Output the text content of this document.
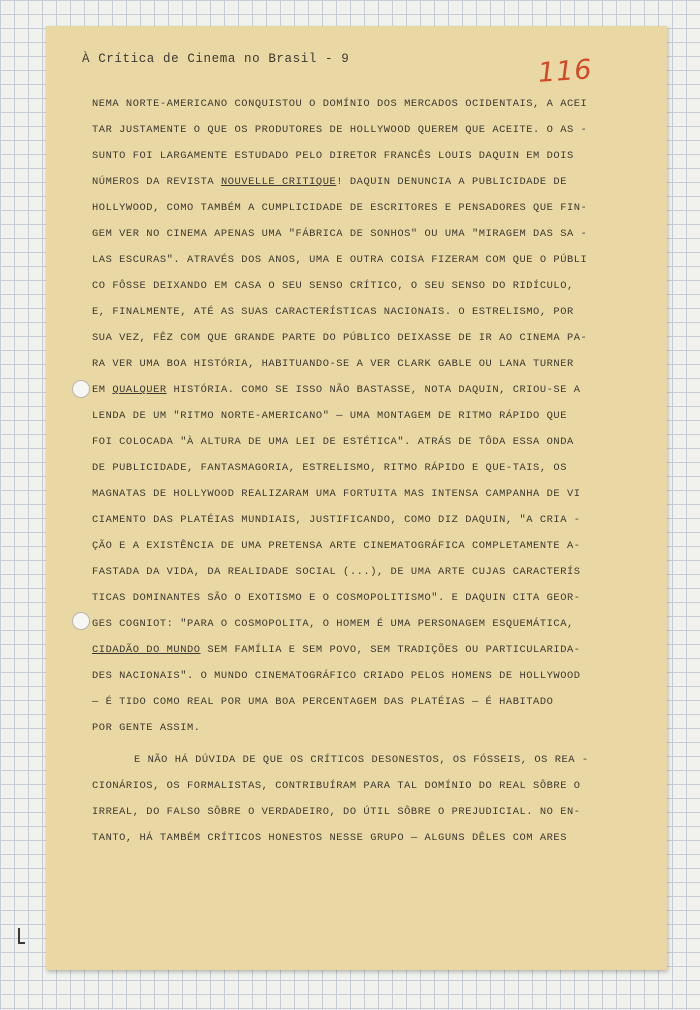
À Crítica de Cinema no Brasil - 9	116
NEMA NORTE-AMERICANO CONQUISTOU O DOMÍNIO DOS MERCADOS OCIDENTAIS, A ACEI
TAR JUSTAMENTE O QUE OS PRODUTORES DE HOLLYWOOD QUEREM QUE ACEITE. O AS -
SUNTO FOI LARGAMENTE ESTUDADO PELO DIRETOR FRANCÊS LOUIS DAQUIN EM DOIS
NÚMEROS DA REVISTA NOUVELLE CRITIQUE! DAQUIN DENUNCIA A PUBLICIDADE DE
HOLLYWOOD, COMO TAMBÉM A CUMPLICIDADE DE ESCRITORES E PENSADORES QUE FIN-
GEM VER NO CINEMA APENAS UMA "FÁBRICA DE SONHOS" OU UMA "MIRAGEM DAS SA -
LAS ESCURAS". ATRAVÉS DOS ANOS, UMA E OUTRA COISA FIZERAM COM QUE O PÚBLI
CO FÔSSE DEIXANDO EM CASA O SEU SENSO CRÍTICO, O SEU SENSO DO RIDÍCULO,
E, FINALMENTE, ATÉ AS SUAS CARACTERÍSTICAS NACIONAIS. O ESTRELISMO, POR
SUA VEZ, FÊZ COM QUE GRANDE PARTE DO PÚBLICO DEIXASSE DE IR AO CINEMA PA-
RA VER UMA BOA HISTÓRIA, HABITUANDO-SE A VER CLARK GABLE OU LANA TURNER
EM QUALQUER HISTÓRIA. COMO SE ISSO NÃO BASTASSE, NOTA DAQUIN, CRIOU-SE A
LENDA DE UM "RITMO NORTE-AMERICANO" — UMA MONTAGEM DE RITMO RÁPIDO QUE
FOI COLOCADA "À ALTURA DE UMA LEI DE ESTÉTICA". ATRÁS DE TÔDA ESSA ONDA
DE PUBLICIDADE, FANTASMAGORIA, ESTRELISMO, RITMO RÁPIDO E QUE-TAIS, OS
MAGNATAS DE HOLLYWOOD REALIZARAM UMA FORTUITA MAS INTENSA CAMPANHA DE VI
CIAMENTO DAS PLATÉIAS MUNDIAIS, JUSTIFICANDO, COMO DIZ DAQUIN, "A CRIA -
ÇÃO E A EXISTÊNCIA DE UMA PRETENSA ARTE CINEMATOGRÁFICA COMPLETAMENTE A-
FASTADA DA VIDA, DA REALIDADE SOCIAL (...), DE UMA ARTE CUJAS CARACTERÍS
TICAS DOMINANTES SÃO O EXOTISMO E O COSMOPOLITISMO". E DAQUIN CITA GEOR-
GES COGNIOT: "PARA O COSMOPOLITA, O HOMEM É UMA PERSONAGEM ESQUEMÁTICA,
CIDADÃO DO MUNDO SEM FAMÍLIA E SEM POVO, SEM TRADIÇÕES OU PARTICULARIDA-
DES NACIONAIS". O MUNDO CINEMATOGRÁFICO CRIADO PELOS HOMENS DE HOLLYWOOD
— É TIDO COMO REAL POR UMA BOA PERCENTAGEM DAS PLATÉIAS — É HABITADO
POR GENTE ASSIM.
E NÃO HÁ DÚVIDA DE QUE OS CRÍTICOS DESONESTOS, OS FÓSSEIS, OS REA -
CIONÁRIOS, OS FORMALISTAS, CONTRIBUÍRAM PARA TAL DOMÍNIO DO REAL SÔBRE O
IRREAL, DO FALSO SÔBRE O VERDADEIRO, DO ÚTIL SÔBRE O PREJUDICIAL. NO EN-
TANTO, HÁ TAMBÉM CRÍTICOS HONESTOS NESSE GRUPO — ALGUNS DÊLES COM ARES
